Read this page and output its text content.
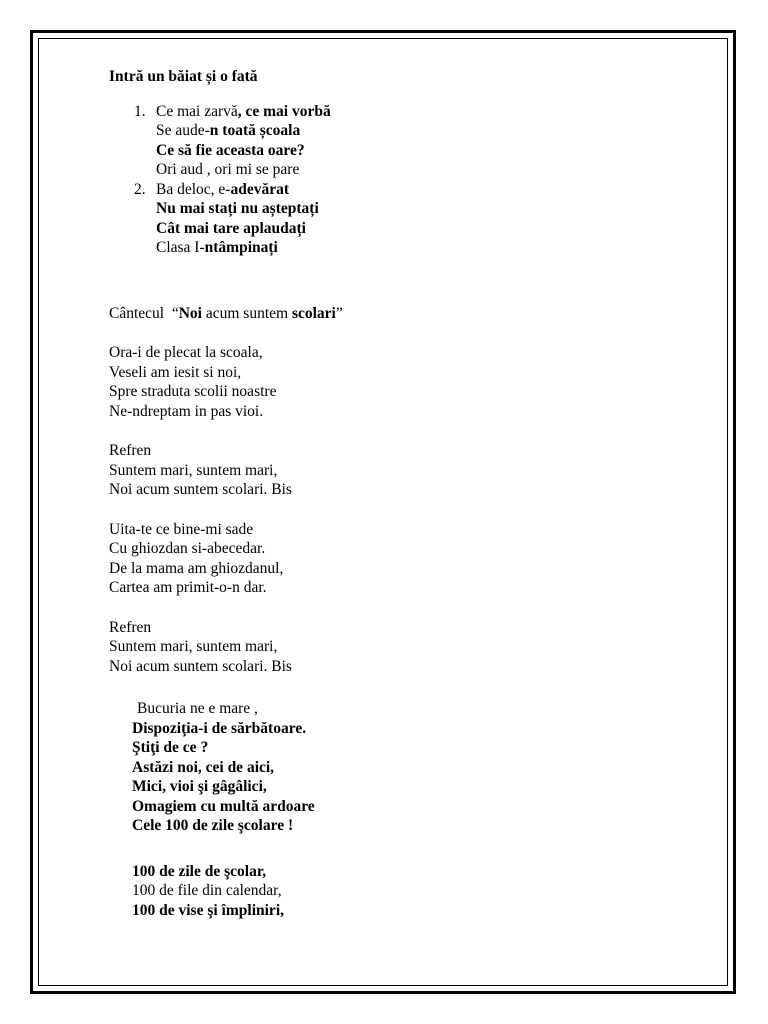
Intră un băiat și o fată
1. Ce mai zarvă, ce mai vorbă
Se aude-n toată școala
Ce să fie aceasta oare?
Ori aud , ori mi se pare
2. Ba deloc, e-adevărat
Nu mai stați nu așteptați
Cât mai tare aplaudați
Clasa I-ntâmpinați
Cântecul  “Noi acum suntem scolari”
Ora-i de plecat la scoala,
Veseli am iesit si noi,
Spre straduta scolii noastre
Ne-ndreptam in pas vioi.
Refren
Suntem mari, suntem mari,
Noi acum suntem scolari. Bis
Uita-te ce bine-mi sade
Cu ghiozdan si-abecedar.
De la mama am ghiozdanul,
Cartea am primit-o-n dar.
Refren
Suntem mari, suntem mari,
Noi acum suntem scolari. Bis
Bucuria ne e mare ,
Dispoziţia-i de sărbătoare.
Ştiţi de ce ?
Astăzi noi, cei de aici,
Mici, vioi şi gâgâlici,
Omagiem cu multă ardoare
Cele 100 de zile şcolare !
100 de zile de şcolar,
100 de file din calendar,
100 de vise şi împliniri,
